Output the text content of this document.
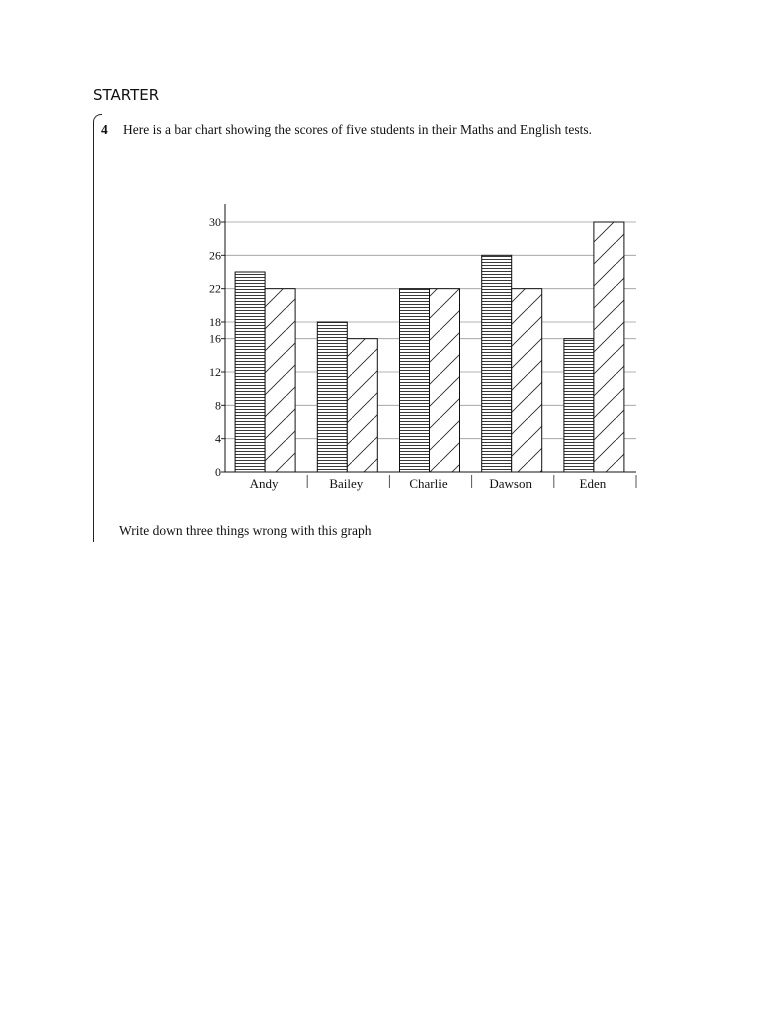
STARTER
4 Here is a bar chart showing the scores of five students in their Maths and English tests.
0
4
8
12
16
18
22
26
30
Andy	Bailey	Charlie	Dawson	Eden
Write down three things wrong with this graph
